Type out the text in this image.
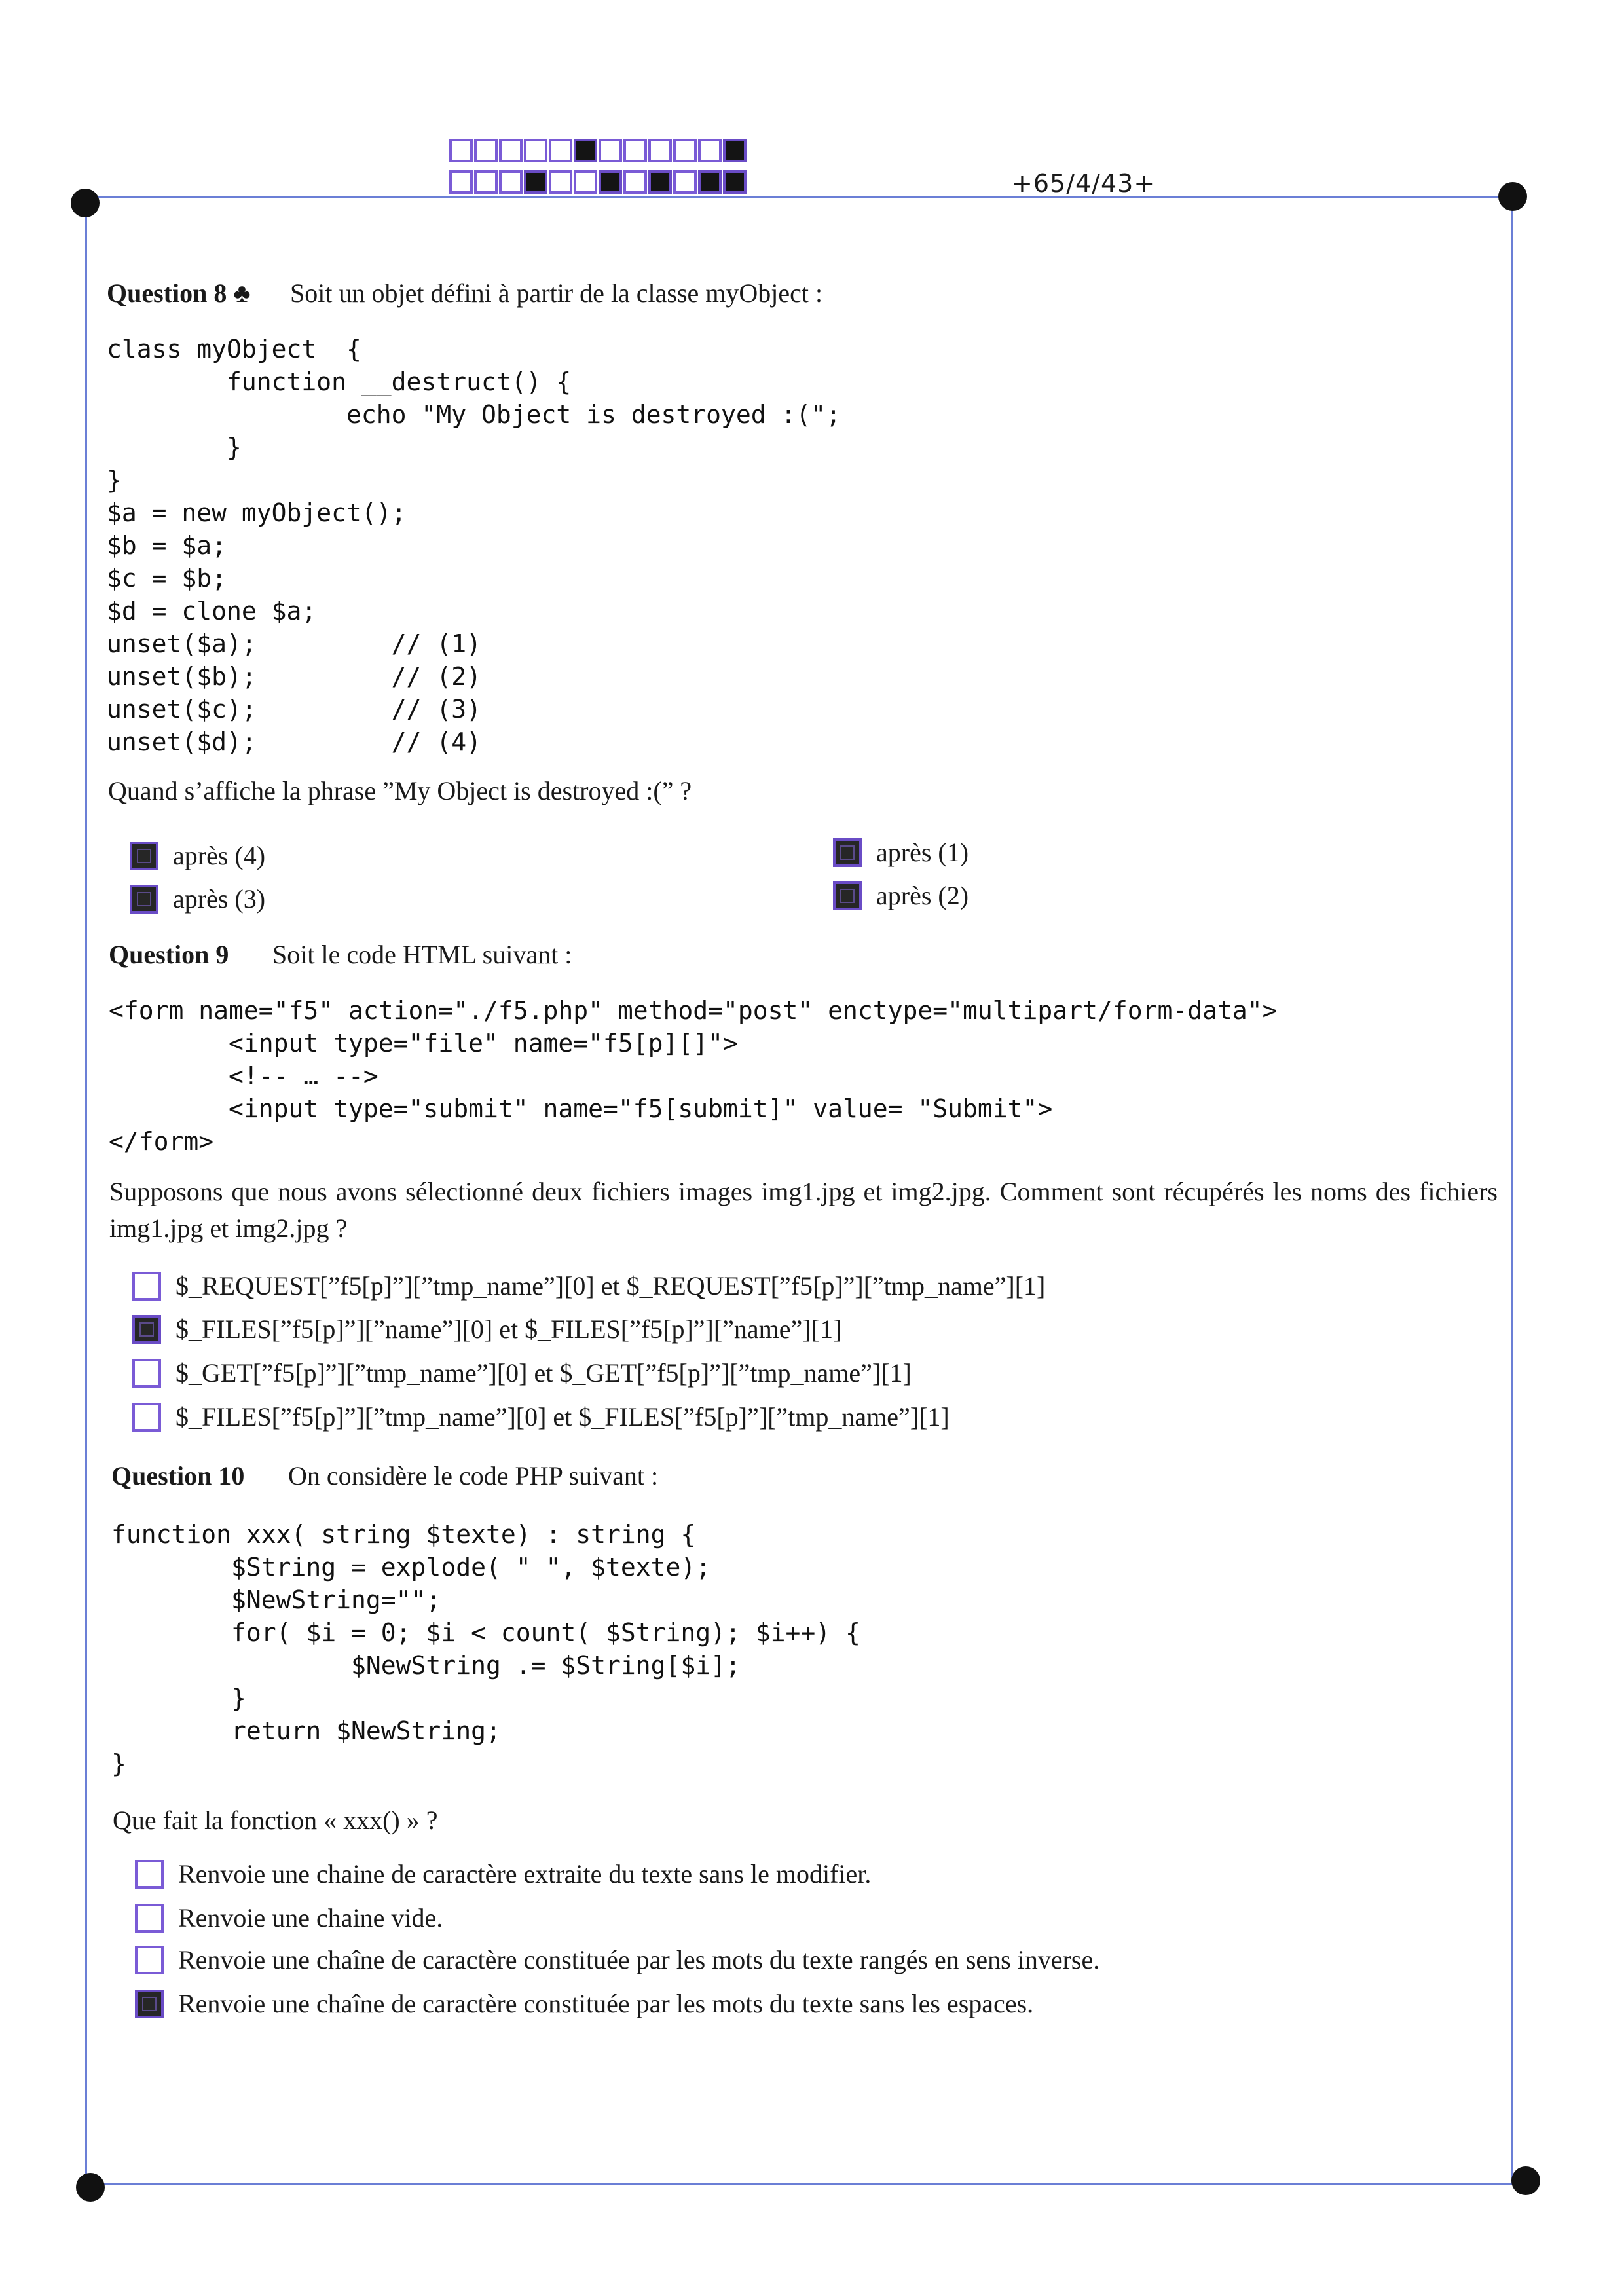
+65/4/43+
Question 8 ♣ Soit un objet défini à partir de la classe myObject :
class myObject  {
function __destruct() {
echo "My Object is destroyed :(";
}
}
$a = new myObject();
$b = $a;
$c = $b;
$d = clone $a;
unset($a);         // (1)
unset($b);         // (2)
unset($c);         // (3)
unset($d);         // (4)
Quand s’affiche la phrase ”My Object is destroyed :(” ?
après (4)	après (1)
après (3)	après (2)
Question 9 Soit le code HTML suivant :
<form name="f5" action="./f5.php" method="post" enctype="multipart/form-data">
<input type="file" name="f5[p][]">
<!-- … -->
<input type="submit" name="f5[submit]" value= "Submit">
</form>
Supposons que nous avons sélectionné deux fichiers images img1.jpg et img2.jpg. Comment sont récupérés les noms des fichiers img1.jpg et img2.jpg ?
$_REQUEST[”f5[p]”][”tmp_name”][0] et $_REQUEST[”f5[p]”][”tmp_name”][1]
$_FILES[”f5[p]”][”name”][0] et $_FILES[”f5[p]”][”name”][1]
$_GET[”f5[p]”][”tmp_name”][0] et $_GET[”f5[p]”][”tmp_name”][1]
$_FILES[”f5[p]”][”tmp_name”][0] et $_FILES[”f5[p]”][”tmp_name”][1]
Question 10 On considère le code PHP suivant :
function xxx( string $texte) : string {
$String = explode( " ", $texte);
$NewString="";
for( $i = 0; $i < count( $String); $i++) {
$NewString .= $String[$i];
}
return $NewString;
}
Que fait la fonction « xxx() » ?
Renvoie une chaine de caractère extraite du texte sans le modifier.
Renvoie une chaine vide.
Renvoie une chaîne de caractère constituée par les mots du texte rangés en sens inverse.
Renvoie une chaîne de caractère constituée par les mots du texte sans les espaces.
